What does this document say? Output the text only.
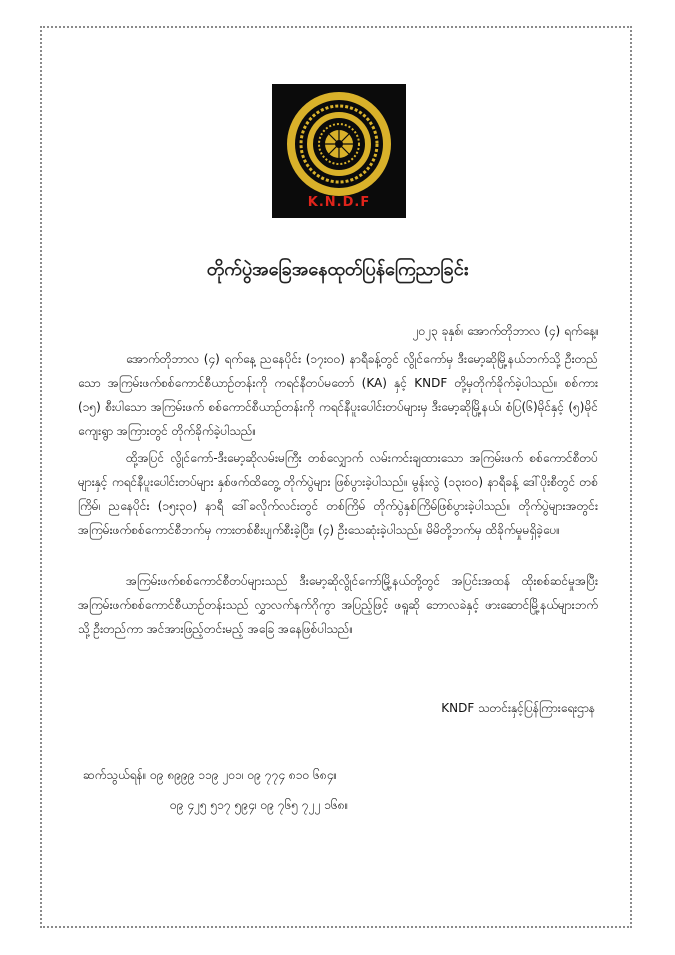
K.N.D.F
တိုက်ပွဲအခြေအနေထုတ်ပြန်ကြေညာခြင်း
၂၀၂၃ ခုနှစ်၊ အောက်တိုဘာလ (၄) ရက်နေ့။
အောက်တိုဘာလ (၄) ရက်နေ့ ညနေပိုင်း (၁၇း၀၀) နာရီခန့်တွင် လွိုင်ကော်မှ ဒီးမော့ဆိုမြို့နယ်ဘက်သို့ ဦးတည်သော အကြမ်းဖက်စစ်ကောင်စီယာဉ်တန်းကို ကရင်နီတပ်မတော် (KA) နှင့် KNDF တို့မှတိုက်ခိုက်ခဲ့ပါသည်။ စစ်ကား (၁၅) စီးပါသော အကြမ်းဖက် စစ်ကောင်စီယာဉ်တန်းကို ကရင်နီပူးပေါင်းတပ်များမှ ဒီးမော့ဆိုမြို့နယ်၊ စံပြ(၆)မိုင်နှင့် (၅)မိုင် ကျေးရွာ အကြားတွင် တိုက်ခိုက်ခဲ့ပါသည်။
ထို့အပြင် လွိုင်ကော်-ဒီးမော့ဆိုလမ်းမကြီး တစ်လျှောက် လမ်းကင်းချထားသော အကြမ်းဖက် စစ်ကောင်စီတပ်များနှင့် ကရင်နီပူးပေါင်းတပ်များ နှစ်ဖက်ထိတွေ့ တိုက်ပွဲများ ဖြစ်ပွားခဲ့ပါသည်။ မွန်းလွဲ (၁၃း၀၀) နာရီခန့် ဒေါ်ပိုးစီတွင် တစ်ကြိမ်၊ ညနေပိုင်း (၁၅း၃၀) နာရီ ဒေါ်ခလိုက်လင်းတွင် တစ်ကြိမ် တိုက်ပွဲနှစ်ကြိမ်ဖြစ်ပွားခဲ့ပါသည်။ တိုက်ပွဲများအတွင်း အကြမ်းဖက်စစ်ကောင်စီဘက်မှ ကားတစ်စီးပျက်စီးခဲ့ပြီး၊ (၄) ဦးသေဆုံးခဲ့ပါသည်။ မိမိတို့ဘက်မှ ထိခိုက်မှုမရှိခဲ့ပေ။
အကြမ်းဖက်စစ်ကောင်စီတပ်များသည် ဒီးမော့ဆိုလွိုင်ကော်မြို့နယ်တို့တွင် အပြင်းအထန် ထိုးစစ်ဆင်မှုအပြီး အကြမ်းဖက်စစ်ကောင်စီယာဉ်တန်းသည် လွှာလက်နက်ဂိုကွာ အပြည့်ဖြင့် ဖရူဆို ဘောလခဲနှင့် ဖားဆောင်မြို့နယ်များဘက်သို့ ဦးတည်ကာ အင်အားဖြည့်တင်းမည့် အခြေ အနေဖြစ်ပါသည်။
KNDF သတင်းနှင့်ပြန်ကြားရေးဌာန
ဆက်သွယ်ရန်။ ၀၉ ၈၉၉၉ ၁၁၉ ၂၀၁၊ ၀၉ ၇၇၄ ၈၁၀ ၆၈၄။
၀၉ ၄၂၅ ၅၁၇ ၅၉၄၊ ၀၉ ၇၆၅ ၇၂၂ ၁၆၈။
